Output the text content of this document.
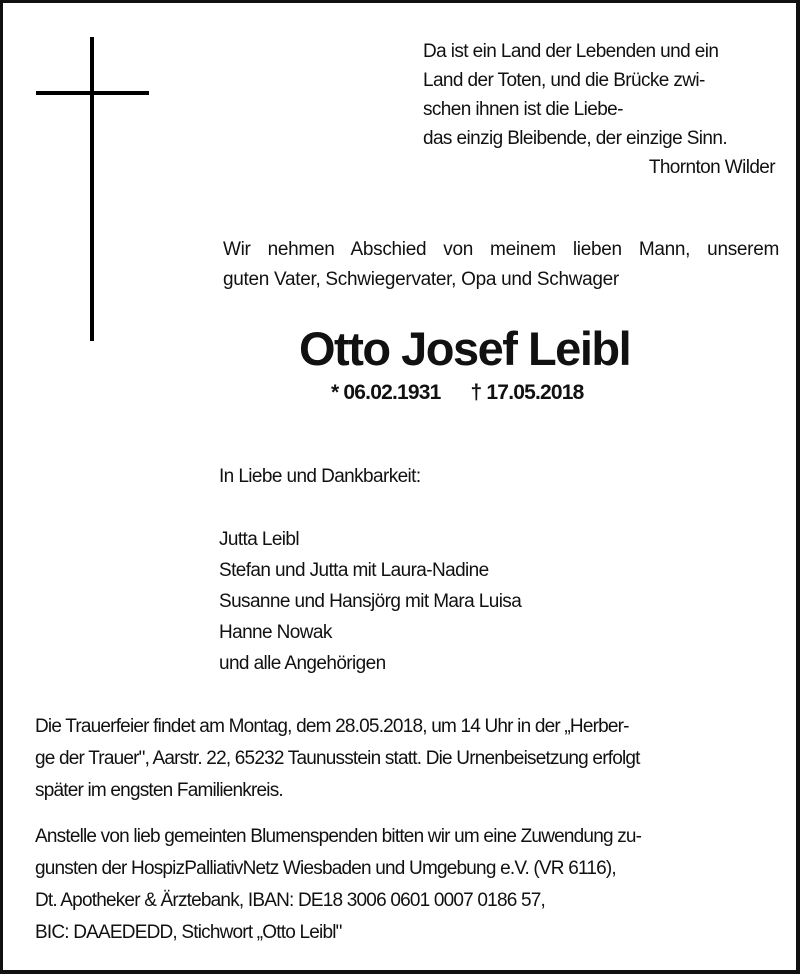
Da ist ein Land der Lebenden und ein
Land der Toten, und die Brücke zwi-
schen ihnen ist die Liebe-
das einzig Bleibende, der einzige Sinn.
Thornton Wilder
Wir nehmen Abschied von meinem lieben Mann, unserem
guten Vater, Schwiegervater, Opa und Schwager
Otto Josef Leibl
* 06.02.1931 † 17.05.2018
In Liebe und Dankbarkeit:
Jutta Leibl
Stefan und Jutta mit Laura-Nadine
Susanne und Hansjörg mit Mara Luisa
Hanne Nowak
und alle Angehörigen
Die Trauerfeier findet am Montag, dem 28.05.2018, um 14 Uhr in der „Herber-
ge der Trauer", Aarstr. 22, 65232 Taunusstein statt. Die Urnenbeisetzung erfolgt
später im engsten Familienkreis.
Anstelle von lieb gemeinten Blumenspenden bitten wir um eine Zuwendung zu-
gunsten der HospizPalliativNetz Wiesbaden und Umgebung e.V. (VR 6116),
Dt. Apotheker & Ärztebank, IBAN: DE18 3006 0601 0007 0186 57,
BIC: DAAEDEDD, Stichwort „Otto Leibl"
